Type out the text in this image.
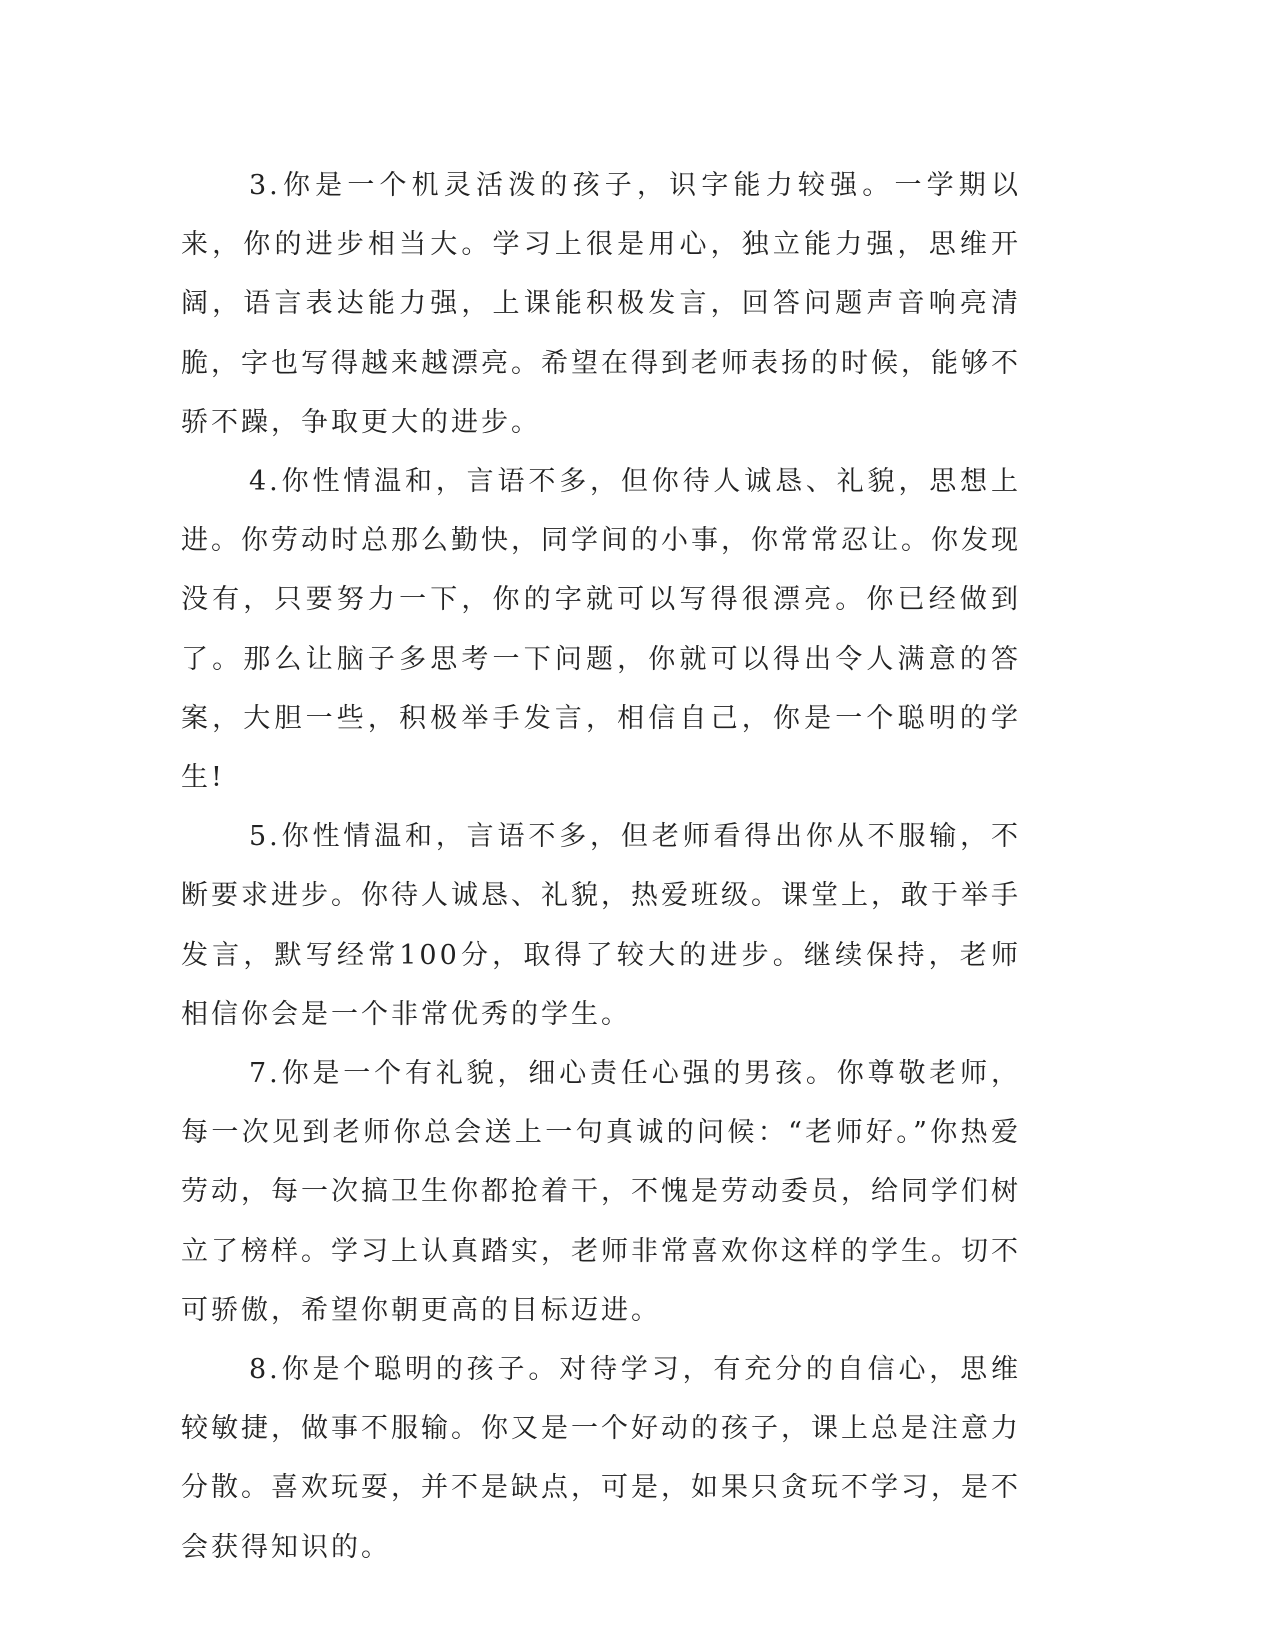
3.你是一个机灵活泼的孩子，识字能力较强。一学期以来，你的进步相当大。学习上很是用心，独立能力强，思维开阔，语言表达能力强，上课能积极发言，回答问题声音响亮清脆，字也写得越来越漂亮。希望在得到老师表扬的时候，能够不骄不躁，争取更大的进步。

4.你性情温和，言语不多，但你待人诚恳、礼貌，思想上进。你劳动时总那么勤快，同学间的小事，你常常忍让。你发现没有，只要努力一下，你的字就可以写得很漂亮。你已经做到了。那么让脑子多思考一下问题，你就可以得出令人满意的答案，大胆一些，积极举手发言，相信自己，你是一个聪明的学生!

5.你性情温和，言语不多，但老师看得出你从不服输，不断要求进步。你待人诚恳、礼貌，热爱班级。课堂上，敢于举手发言，默写经常100分，取得了较大的进步。继续保持，老师相信你会是一个非常优秀的学生。

7.你是一个有礼貌，细心责任心强的男孩。你尊敬老师，每一次见到老师你总会送上一句真诚的问候：“老师好。”你热爱劳动，每一次搞卫生你都抢着干，不愧是劳动委员，给同学们树立了榜样。学习上认真踏实，老师非常喜欢你这样的学生。切不可骄傲，希望你朝更高的目标迈进。

8.你是个聪明的孩子。对待学习，有充分的自信心，思维较敏捷，做事不服输。你又是一个好动的孩子，课上总是注意力分散。喜欢玩耍，并不是缺点，可是，如果只贪玩不学习，是不会获得知识的。
